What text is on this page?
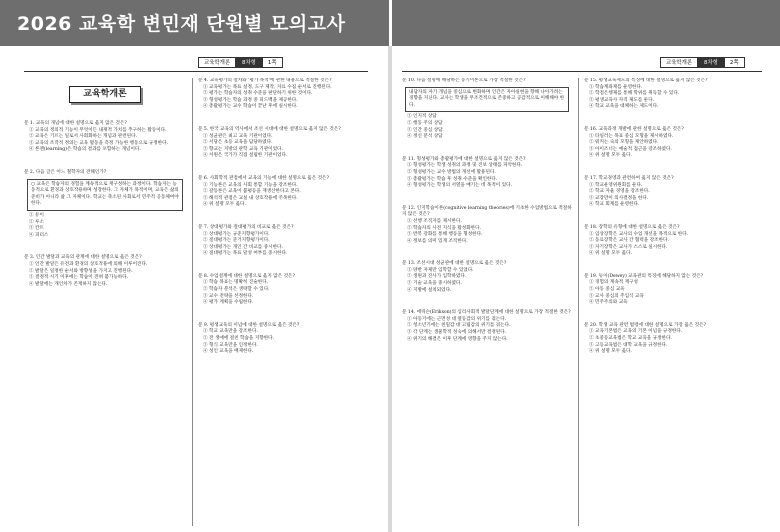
2026 교육학 변민재 단원별 모의고사
교육학개론	8차형	1쪽
교육학개론
문 1. 교육의 개념에 대한 설명으로 옳지 않은 것은?
① 교육의 정의적 기능이 무엇이든 내재적 가치를 추구하는 활동이다.
② 교육은 기르는 일로서 사회화하는 개념과 관련된다.
③ 교육의 조작적 정의는 교육 활동을 측정 가능한 행동으로 규정한다.
④ 론젠(learning)은 학습의 결과를 포함하는 개념이다.
문 2. 다음 글은 어느 철학자의 견해인가?
○ 교육은 학습자의 경험을 계속적으로 재구성하는 과정이다. 학습자는 능동적으로 환경과 상호작용하며 성장한다. 그 자체가 목적이며, 교육은 삶의 준비가 아니라 삶 그 자체이다. 학교는 축소된 사회로서 민주적 공동체여야 한다.
① 듀이
② 루소
③ 칸트
④ 피터스
문 3. 인간 발달과 교육의 관계에 대한 설명으로 옳은 것은?
① 인간 발달은 유전과 환경의 상호작용에 의해 이루어진다.
② 발달은 일정한 순서와 방향성을 가지고 진행된다.
③ 결정적 시기 이후에는 학습이 전혀 불가능하다.
④ 발달에는 개인차가 존재하지 않는다.
문 4. 교육평가의 절차와 '평가 목적'에 관한 내용으로 적절한 것은?
① 교육평가는 목표 설정, 도구 제작, 자료 수집 순서로 진행된다.
② 평가는 학습자의 성취 수준을 판단하기 위한 것이다.
③ 형성평가는 학습 과정 중 피드백을 제공한다.
④ 총괄평가는 교수 학습이 끝난 후에 실시한다.
문 5. 한국 교육의 역사에서 조선 시대에 대한 설명으로 옳지 않은 것은?
① 성균관은 최고 교육 기관이었다.
② 서당은 초등 교육을 담당하였다.
③ 향교는 지방의 관학 교육 기관이었다.
④ 서원은 국가가 직접 설립한 기관이었다.
문 6. 사회학적 관점에서 교육의 기능에 대한 설명으로 옳은 것은?
① 기능론은 교육의 사회 통합 기능을 강조한다.
② 갈등론은 교육이 불평등을 재생산한다고 본다.
③ 해석적 관점은 교실 내 상호작용에 주목한다.
④ 위 설명 모두 옳다.
문 7. 상대평가와 절대평가의 비교로 옳은 것은?
① 상대평가는 규준지향평가이다.
② 절대평가는 준거지향평가이다.
③ 상대평가는 개인 간 비교를 중시한다.
④ 절대평가는 목표 달성 여부를 중시한다.
문 8. 수업설계에 대한 설명으로 옳지 않은 것은?
① 학습 목표는 명확히 진술한다.
② 학습자 분석은 생략할 수 있다.
③ 교수 전략을 선정한다.
④ 평가 계획을 수립한다.
문 9. 평생교육의 이념에 대한 설명으로 옳은 것은?
① 학교 교육만을 강조한다.
② 전 생애에 걸친 학습을 지향한다.
③ 형식 교육만을 인정한다.
④ 성인 교육을 배제한다.
교육학개론	8차형	2쪽
문 10. 다음 설명에 해당하는 동기이론으로 가장 적절한 것은?
내담자의 자기 개념을 중심으로 변화하며 인간은 자아실현을 향해 나아가려는 경향을 지닌다. 교사는 학생을 무조건적으로 존중하고 공감적으로 이해해야 한다.
① 인지적 상담
② 행동 주의 상담
③ 인간 중심 상담
④ 정신 분석 상담
문 11. 형성평가와 총괄평가에 대한 설명으로 옳지 않은 것은?
① 형성평가는 학생 성취의 과정 및 진보 상태를 파악한다.
② 형성평가는 교수 방법의 개선에 활용된다.
③ 총괄평가는 학습 후 성취 수준을 확인한다.
④ 형성평가는 학생의 서열을 매기는 데 목적이 있다.
문 12. 인지학습이론(cognitive learning theories)에 기초한 수업방법으로 적절하지 않은 것은?
① 선행 조직자를 제시한다.
② 학습자의 사전 지식을 활성화한다.
③ 반복 강화를 통해 행동을 형성한다.
④ 정보를 의미 있게 조직한다.
문 13. 조선시대 성균관에 대한 설명으로 옳은 것은?
① 양반 자제만 입학할 수 있었다.
② 생원과 진사가 입학하였다.
③ 기술 교육을 중시하였다.
④ 지방에 설치되었다.
문 14. 에릭슨(Erikson)의 심리사회적 발달단계에 대한 설명으로 가장 적절한 것은?
① 아동기에는 근면성 대 열등감의 위기를 겪는다.
② 청소년기에는 친밀감 대 고립감의 위기를 겪는다.
③ 각 단계는 생물학적 성숙에 의해서만 결정된다.
④ 위기의 해결은 이후 단계에 영향을 주지 않는다.
문 15. 평생교육제도의 특징에 대한 설명으로 옳지 않은 것은?
① 학습계좌제를 운영한다.
② 학점은행제를 통해 학위를 취득할 수 있다.
③ 평생교육사 자격 제도를 둔다.
④ 학교 교육을 대체하는 제도이다.
문 16. 교육과정 개발에 관한 설명으로 옳은 것은?
① 타일러는 목표 중심 모형을 제시하였다.
② 워커는 숙의 모형을 제안하였다.
③ 아이즈너는 예술적 접근을 강조하였다.
④ 위 설명 모두 옳다.
문 17. 학교경영과 관련하여 옳지 않은 것은?
① 학교운영위원회를 둔다.
② 학교 자율 경영을 강조한다.
③ 교장만이 의사결정을 한다.
④ 학교 회계를 운영한다.
문 18. 장학의 유형에 대한 설명으로 옳은 것은?
① 임상장학은 교사의 수업 개선을 목적으로 한다.
② 동료장학은 교사 간 협력을 강조한다.
③ 자기장학은 교사가 스스로 실시한다.
④ 위 설명 모두 옳다.
문 19. 듀이(Dewey) 교육관의 특징에 해당하지 않는 것은?
① 경험의 계속적 재구성
② 아동 중심 교육
③ 교사 중심의 주입식 교육
④ 민주주의와 교육
문 20. 학생 교육 관련 법령에 대한 설명으로 가장 옳은 것은?
① 교육기본법은 교육의 기본 이념을 규정한다.
② 초중등교육법은 학교 교육을 규정한다.
③ 고등교육법은 대학 교육을 규정한다.
④ 위 설명 모두 옳다.
